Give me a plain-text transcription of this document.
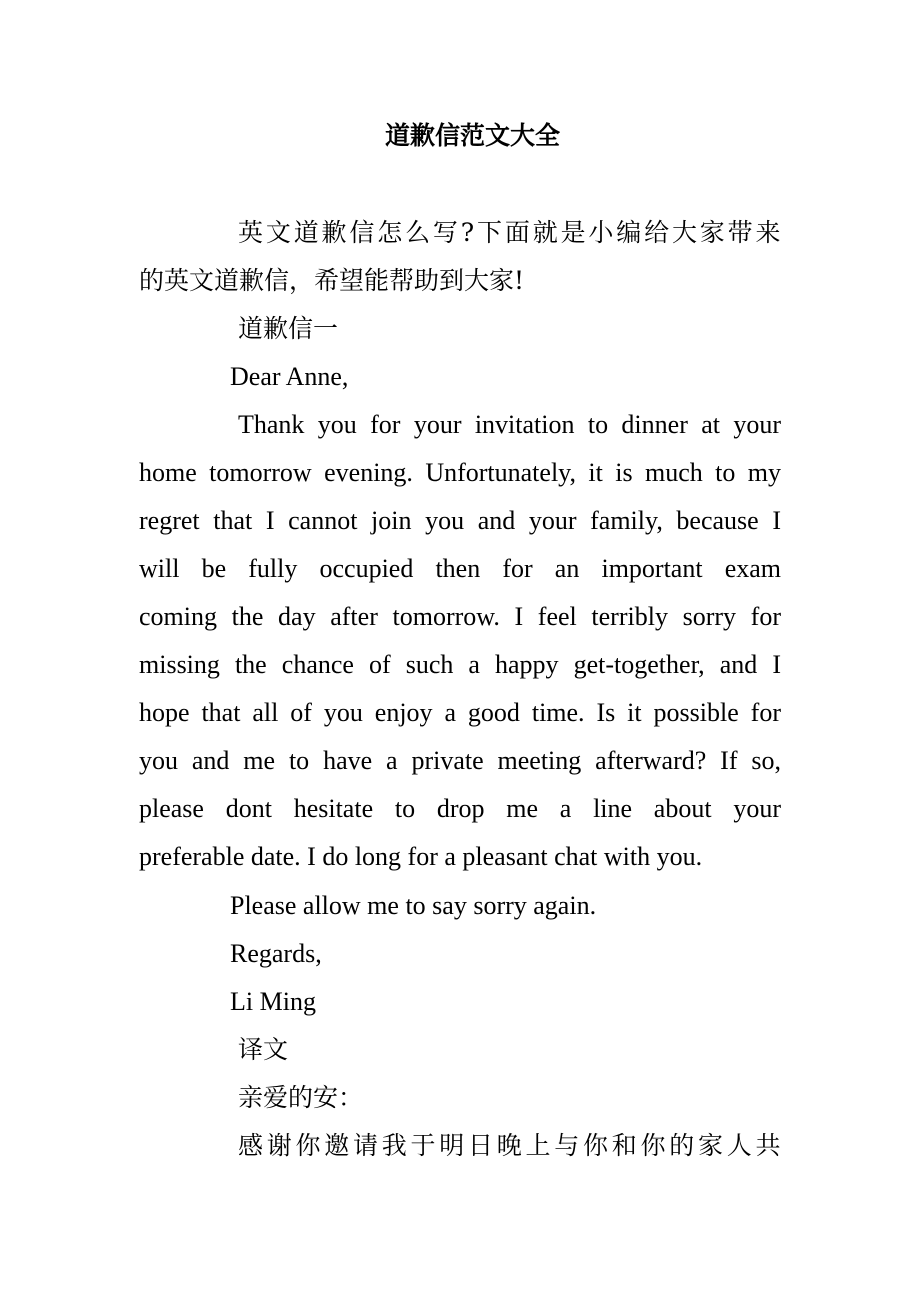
道歉信范文大全
英文道歉信怎么写?下面就是小编给大家带来
的英文道歉信，希望能帮助到大家!
道歉信一
Dear Anne,
Thank you for your invitation to dinner at your
home tomorrow evening. Unfortunately, it is much to my
regret that I cannot join you and your family, because I
will be fully occupied then for an important exam
coming the day after tomorrow. I feel terribly sorry for
missing the chance of such a happy get-together, and I
hope that all of you enjoy a good time. Is it possible for
you and me to have a private meeting afterward? If so,
please dont hesitate to drop me a line about your
preferable date. I do long for a pleasant chat with you.
Please allow me to say sorry again.
Regards,
Li Ming
译文
亲爱的安：
感谢你邀请我于明日晚上与你和你的家人共
